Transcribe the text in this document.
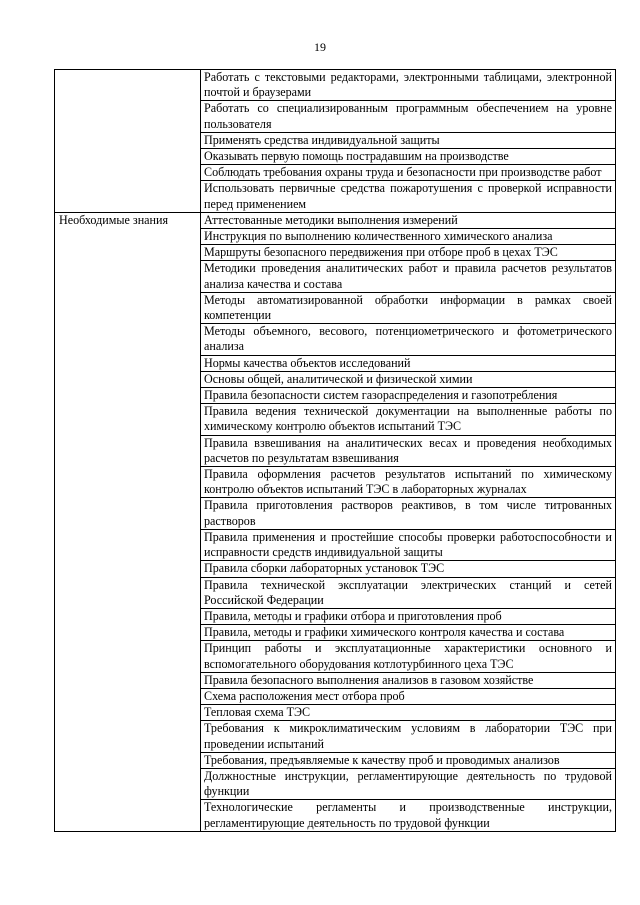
19
	Работать с текстовыми редакторами, электронными таблицами, электронной почтой и браузерами
	Работать со специализированным программным обеспечением на уровне пользователя
	Применять средства индивидуальной защиты
	Оказывать первую помощь пострадавшим на производстве
	Соблюдать требования охраны труда и безопасности при производстве работ
	Использовать первичные средства пожаротушения с проверкой исправности перед применением
Необходимые знания	Аттестованные методики выполнения измерений
	Инструкция по выполнению количественного химического анализа
	Маршруты безопасного передвижения при отборе проб в цехах ТЭС
	Методики проведения аналитических работ и правила расчетов результатов анализа качества и состава
	Методы автоматизированной обработки информации в рамках своей компетенции
	Методы объемного, весового, потенциометрического и фотометрического анализа
	Нормы качества объектов исследований
	Основы общей, аналитической и физической химии
	Правила безопасности систем газораспределения и газопотребления
	Правила ведения технической документации на выполненные работы по химическому контролю объектов испытаний ТЭС
	Правила взвешивания на аналитических весах и проведения необходимых расчетов по результатам взвешивания
	Правила оформления расчетов результатов испытаний по химическому контролю объектов испытаний ТЭС в лабораторных журналах
	Правила приготовления растворов реактивов, в том числе титрованных растворов
	Правила применения и простейшие способы проверки работоспособности и исправности средств индивидуальной защиты
	Правила сборки лабораторных установок ТЭС
	Правила технической эксплуатации электрических станций и сетей Российской Федерации
	Правила, методы и графики отбора и приготовления проб
	Правила, методы и графики химического контроля качества и состава
	Принцип работы и эксплуатационные характеристики основного и вспомогательного оборудования котлотурбинного цеха ТЭС
	Правила безопасного выполнения анализов в газовом хозяйстве
	Схема расположения мест отбора проб
	Тепловая схема ТЭС
	Требования к микроклиматическим условиям в лаборатории ТЭС при проведении испытаний
	Требования, предъявляемые к качеству проб и проводимых анализов
	Должностные инструкции, регламентирующие деятельность по трудовой функции
	Технологические регламенты и производственные инструкции, регламентирующие деятельность по трудовой функции
